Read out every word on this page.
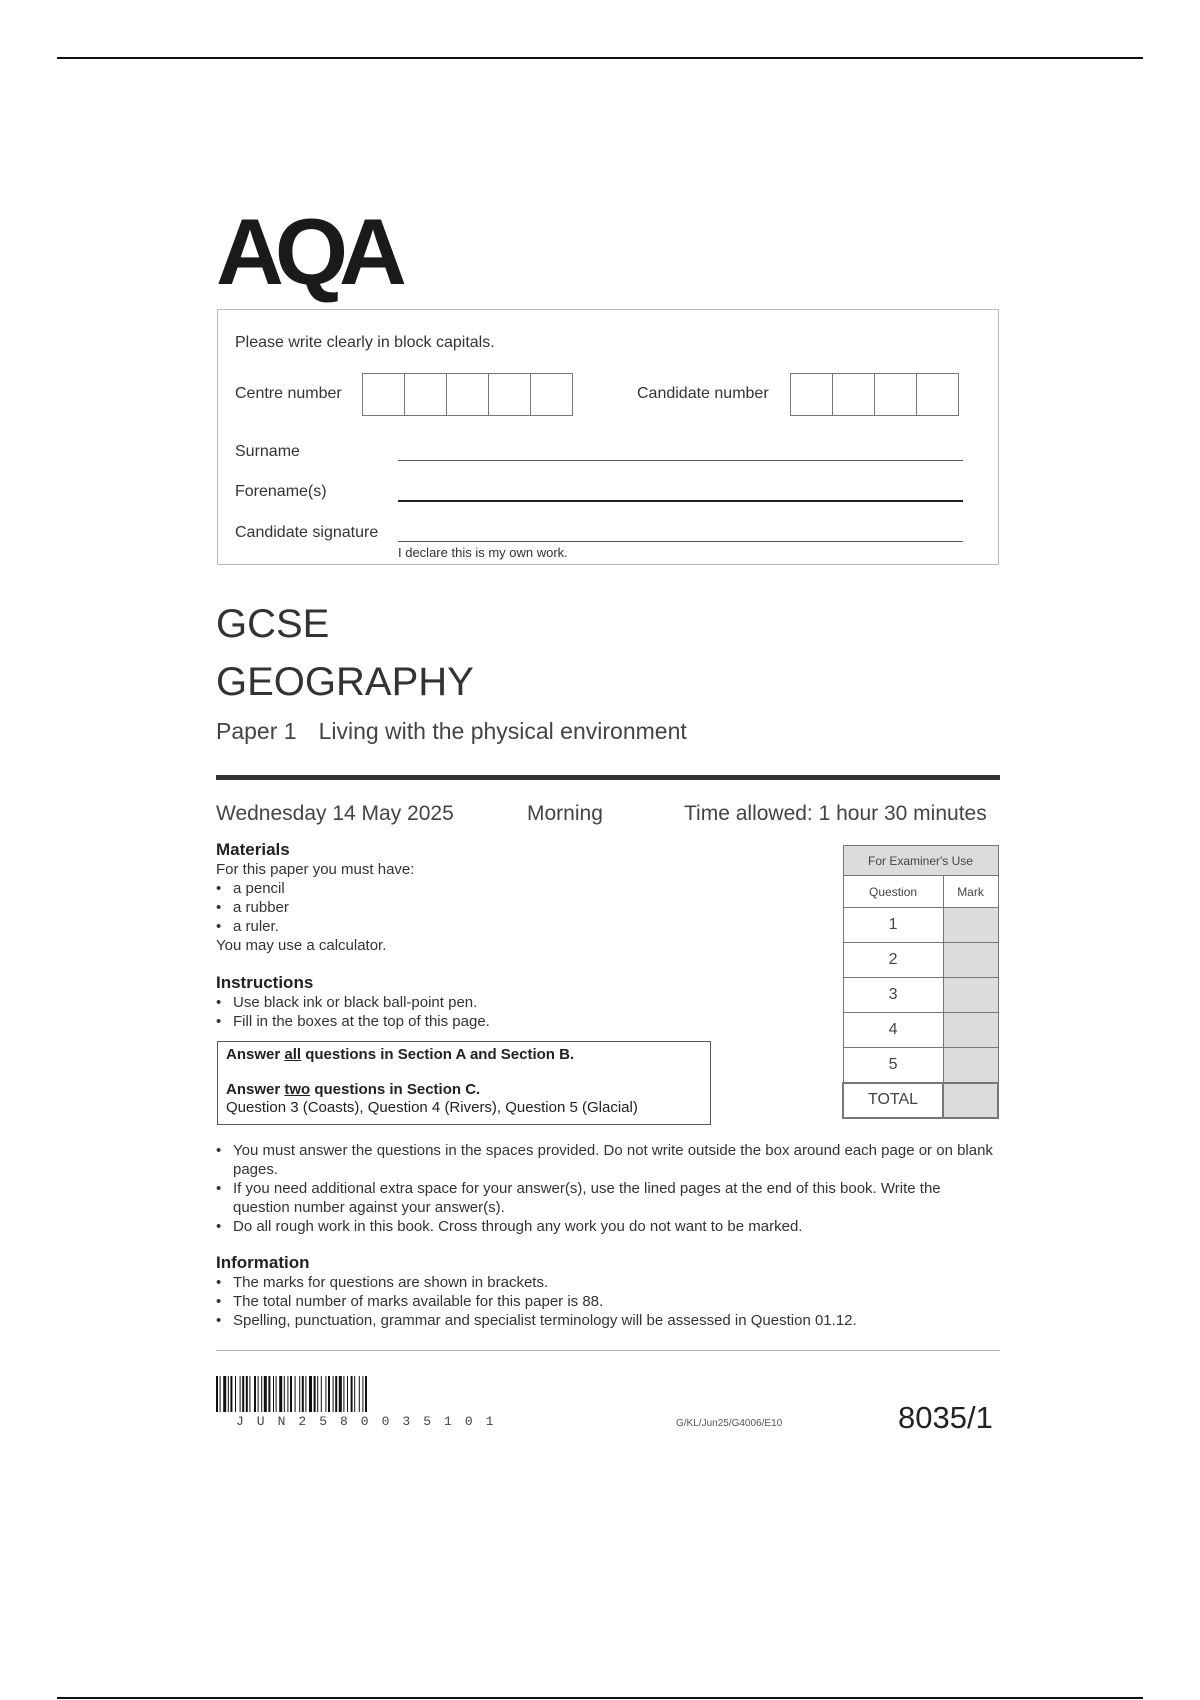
AQA
Please write clearly in block capitals.
Centre number	Candidate number
Surname
Forename(s)
Candidate signature
I declare this is my own work.
GCSE
GEOGRAPHY
Paper 1 Living with the physical environment
Wednesday 14 May 2025	Morning	Time allowed: 1 hour 30 minutes
Materials
For this paper you must have:
• a pencil
• a rubber
• a ruler.
You may use a calculator.
Instructions
• Use black ink or black ball-point pen.
• Fill in the boxes at the top of this page.
Answer all questions in Section A and Section B.
Answer two questions in Section C.
Question 3 (Coasts), Question 4 (Rivers), Question 5 (Glacial)
• You must answer the questions in the spaces provided. Do not write outside the box around each page or on blank pages.
• If you need additional extra space for your answer(s), use the lined pages at the end of this book. Write the question number against your answer(s).
• Do all rough work in this book. Cross through any work you do not want to be marked.
Information
• The marks for questions are shown in brackets.
• The total number of marks available for this paper is 88.
• Spelling, punctuation, grammar and specialist terminology will be assessed in Question 01.12.
For Examiner's Use	
Question	Mark
1	
2	
3	
4	
5	
TOTAL	
JUN2580035101	G/KL/Jun25/G4006/E10	8035/1
